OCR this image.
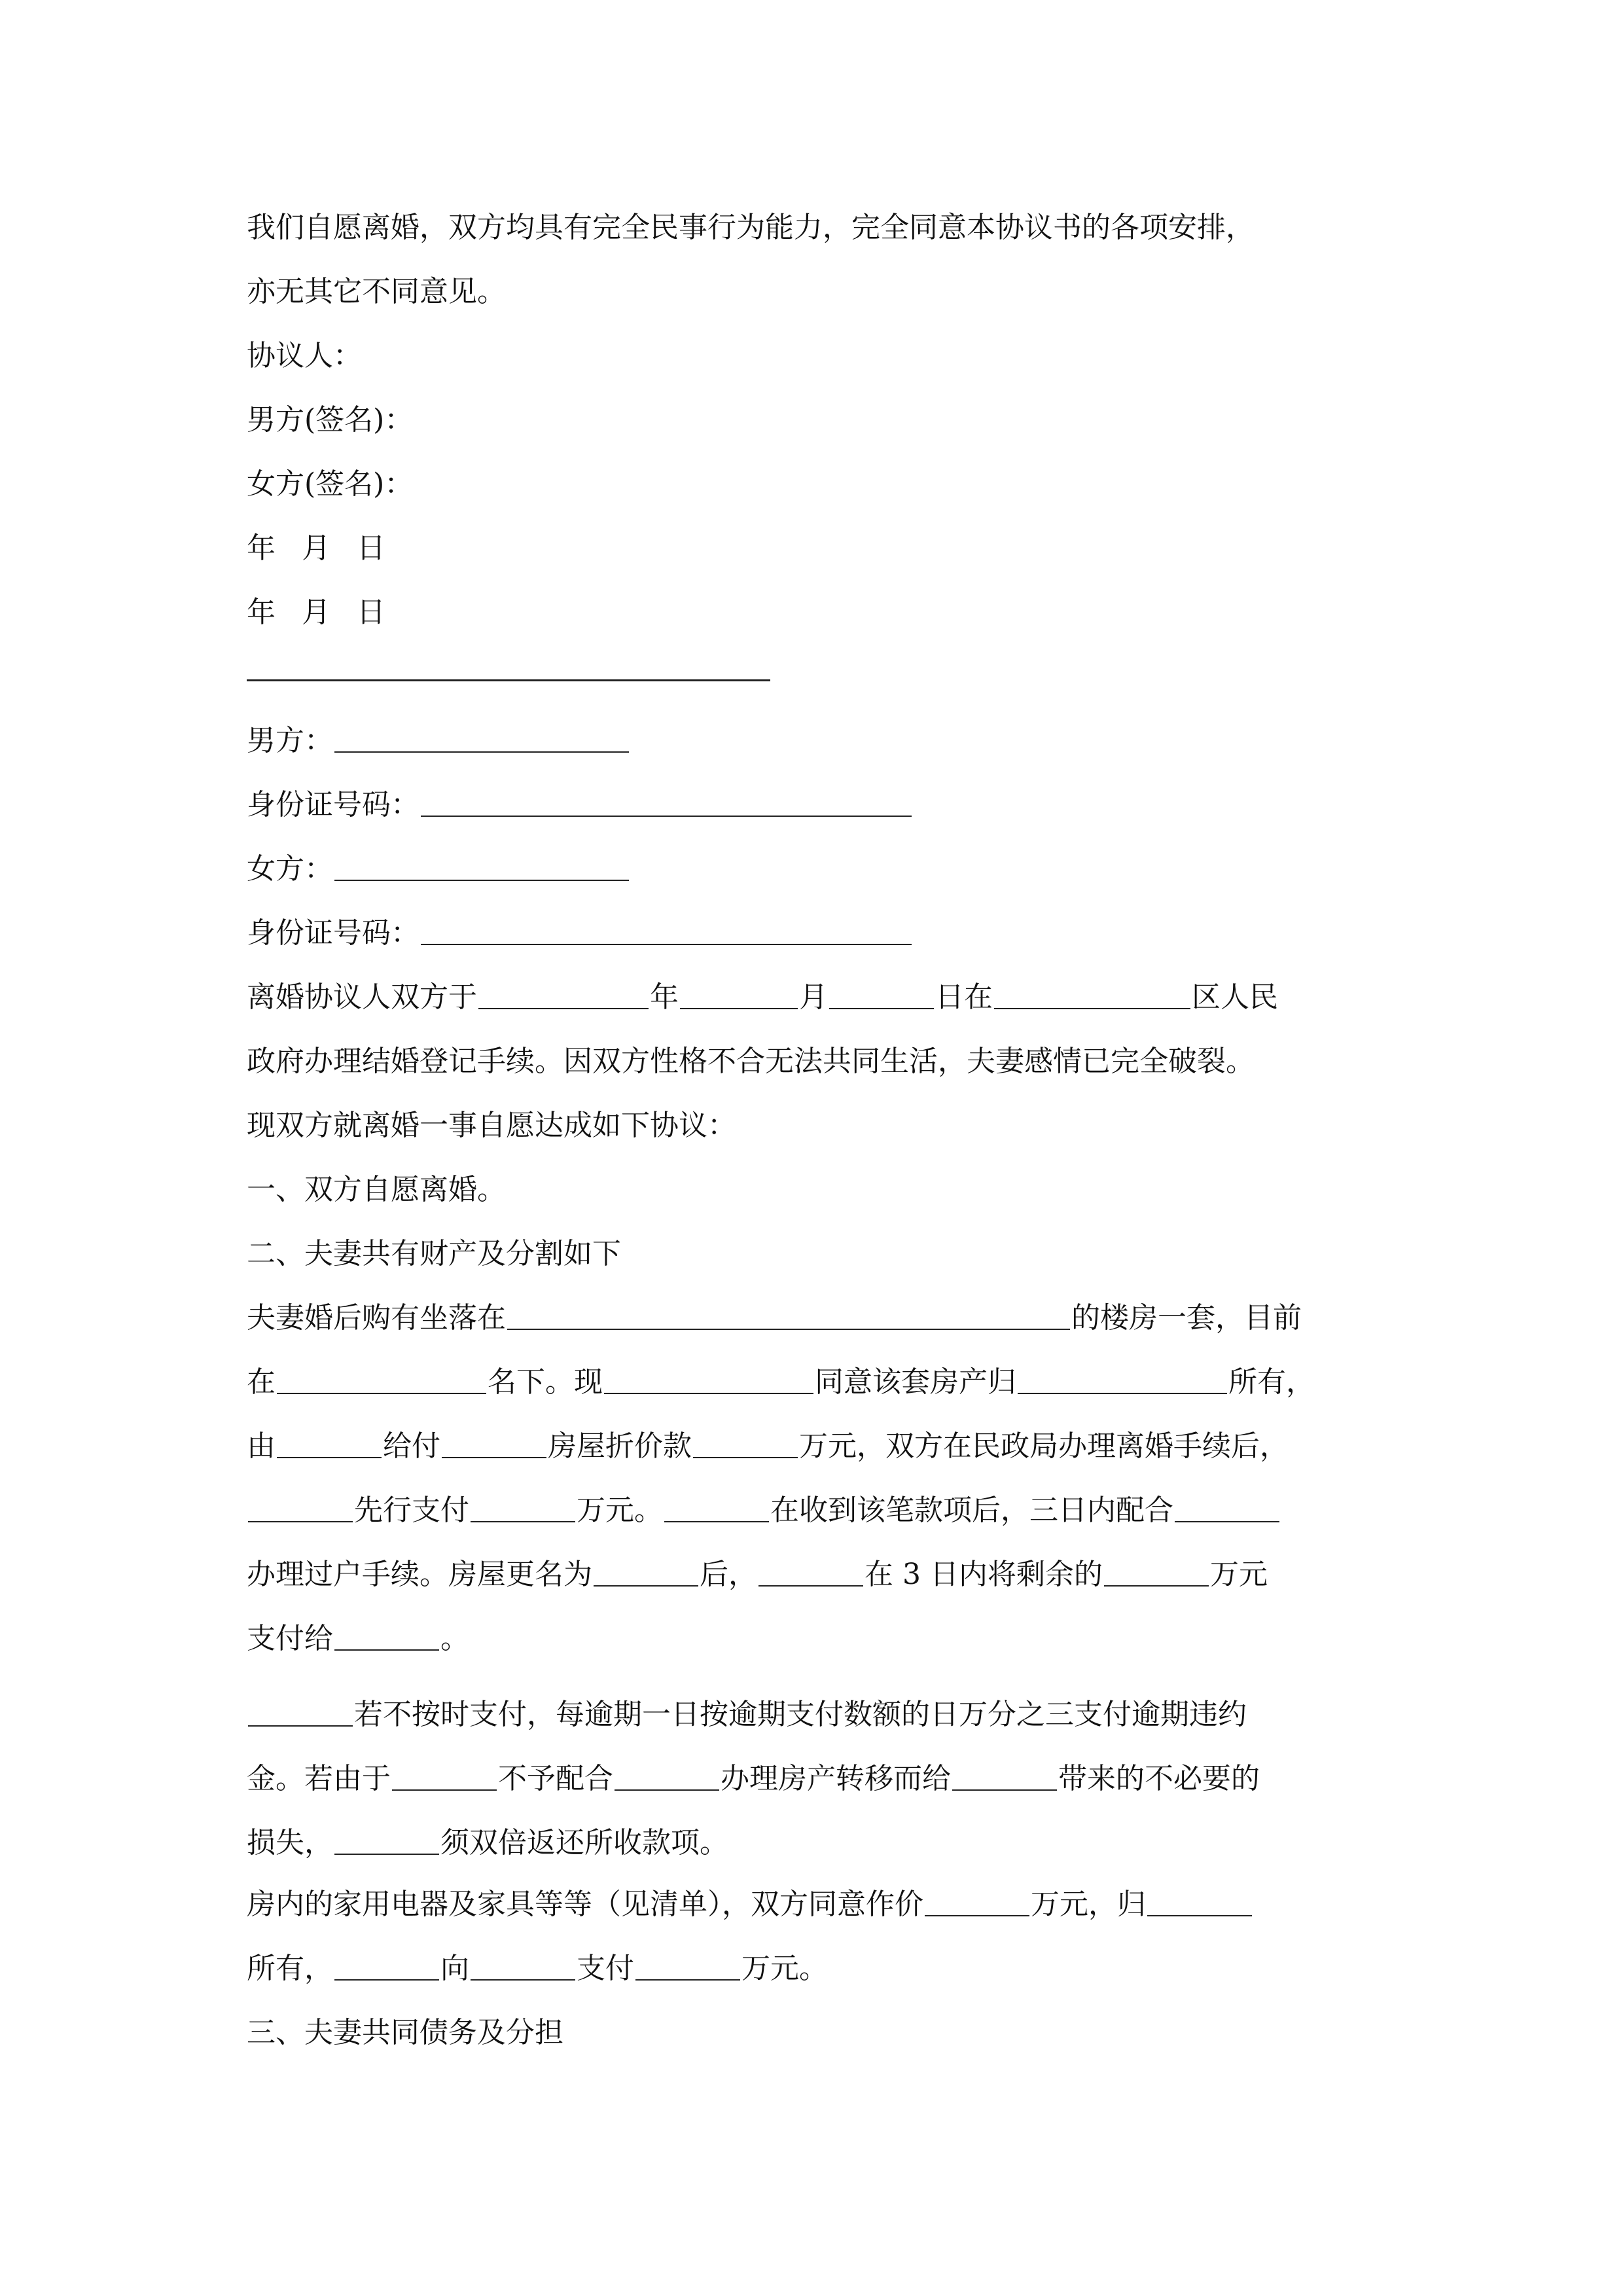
我们自愿离婚，双方均具有完全民事行为能力，完全同意本协议书的各项安排，
亦无其它不同意见。
协议人：
男方(签名)：
女方(签名)：
年 月 日
年 月 日
男方：
身份证号码：
女方：
身份证号码：
离婚协议人双方于	年	月	日在	区人民
政府办理结婚登记手续。因双方性格不合无法共同生活，夫妻感情已完全破裂。
现双方就离婚一事自愿达成如下协议：
一、双方自愿离婚。
二、夫妻共有财产及分割如下
夫妻婚后购有坐落在	的楼房一套，目前
在	名下。现	同意该套房产归	所有，
由	给付	房屋折价款	万元，双方在民政局办理离婚手续后，
先行支付	万元。	在收到该笔款项后，三日内配合
办理过户手续。房屋更名为	后，	在 3 日内将剩余的	万元
支付给	。
若不按时支付，每逾期一日按逾期支付数额的日万分之三支付逾期违约
金。若由于	不予配合	办理房产转移而给	带来的不必要的
损失，	须双倍返还所收款项。
房内的家用电器及家具等等（见清单），双方同意作价	万元，归
所有，	向	支付	万元。
三、夫妻共同债务及分担
